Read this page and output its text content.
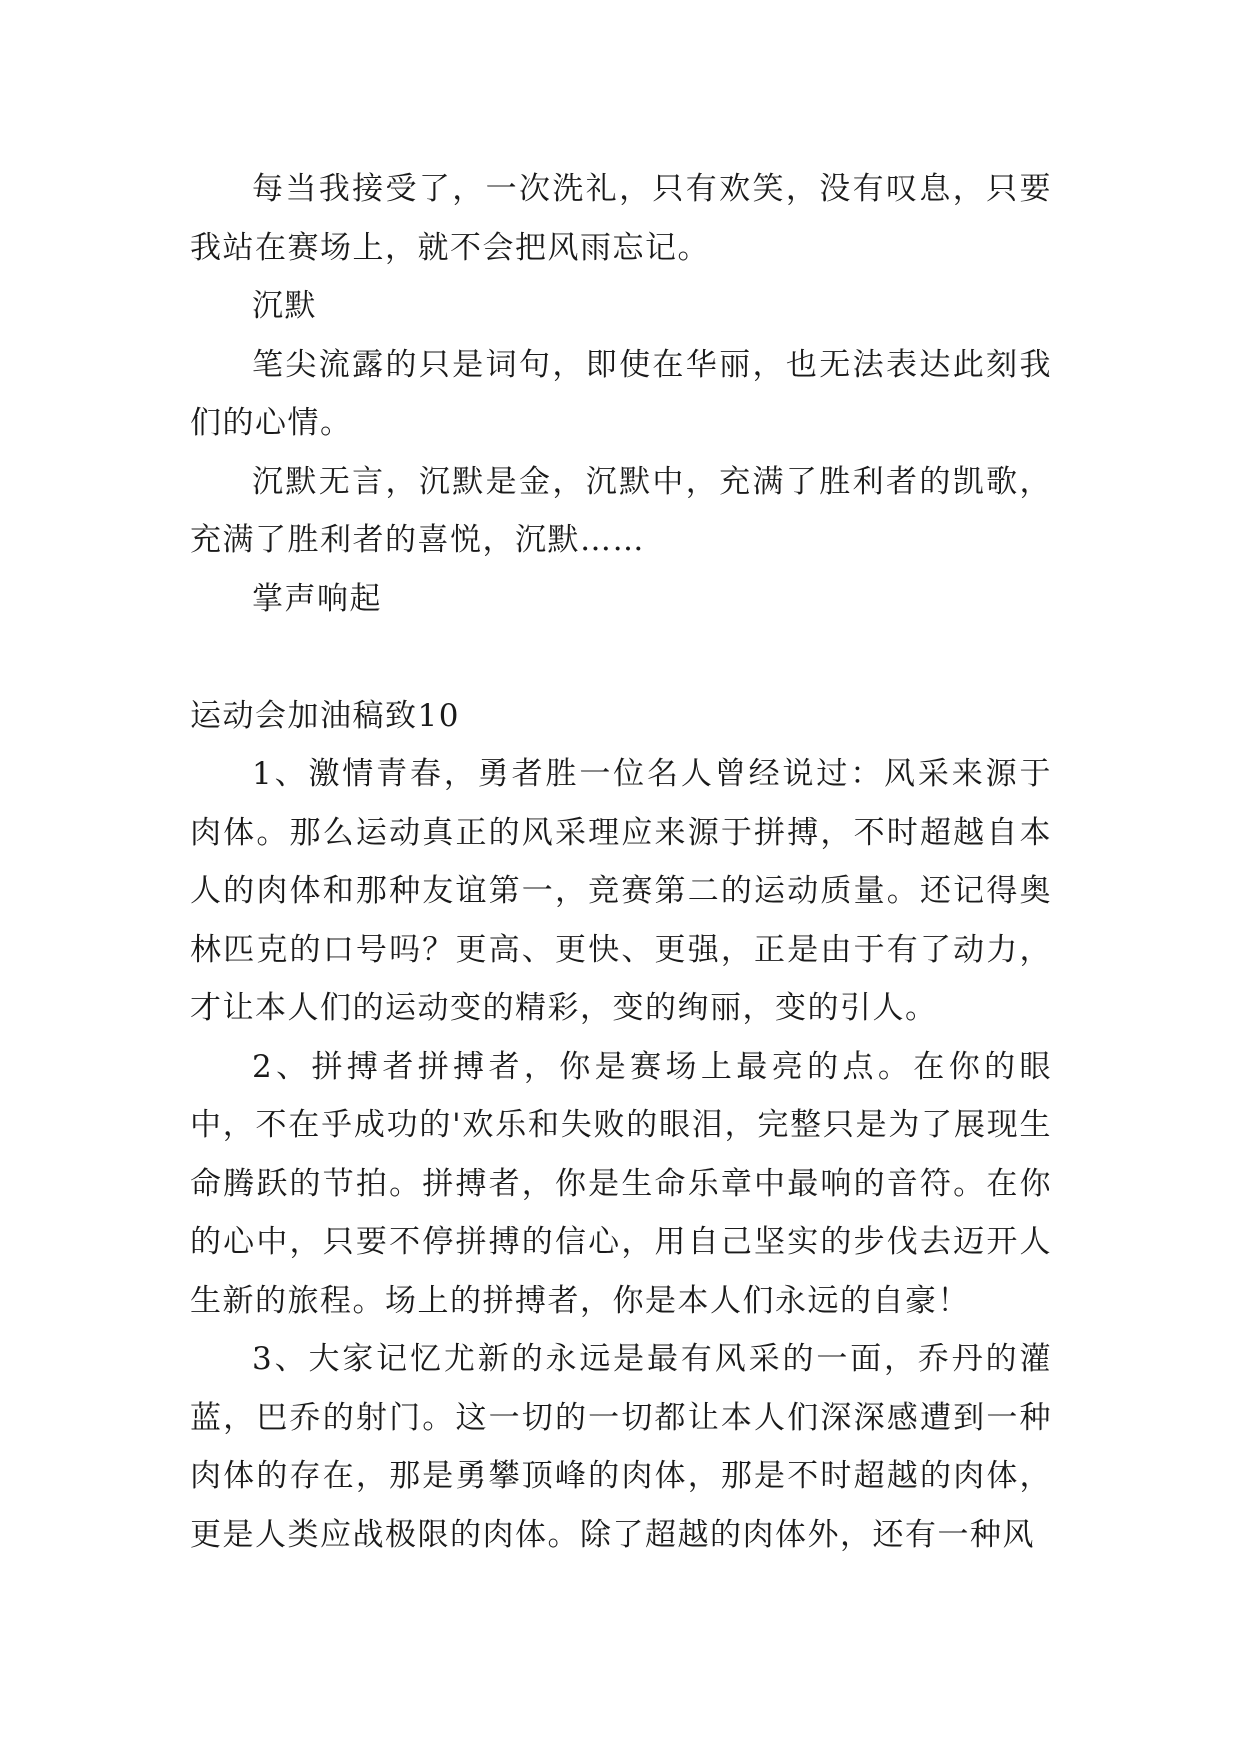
每当我接受了，一次洗礼，只有欢笑，没有叹息，只要我站在赛场上，就不会把风雨忘记。

沉默

笔尖流露的只是词句，即使在华丽，也无法表达此刻我们的心情。

沉默无言，沉默是金，沉默中，充满了胜利者的凯歌，充满了胜利者的喜悦，沉默……

掌声响起

运动会加油稿致10

1、激情青春，勇者胜一位名人曾经说过：风采来源于肉体。那么运动真正的风采理应来源于拼搏，不时超越自本人的肉体和那种友谊第一，竞赛第二的运动质量。还记得奥林匹克的口号吗？更高、更快、更强，正是由于有了动力，才让本人们的运动变的精彩，变的绚丽，变的引人。

2、拼搏者拼搏者，你是赛场上最亮的点。在你的眼中，不在乎成功的'欢乐和失败的眼泪，完整只是为了展现生命腾跃的节拍。拼搏者，你是生命乐章中最响的音符。在你的心中，只要不停拼搏的信心，用自己坚实的步伐去迈开人生新的旅程。场上的拼搏者，你是本人们永远的自豪！

3、大家记忆尤新的永远是最有风采的一面，乔丹的灌蓝，巴乔的射门。这一切的一切都让本人们深深感遭到一种肉体的存在，那是勇攀顶峰的肉体，那是不时超越的肉体，更是人类应战极限的肉体。除了超越的肉体外，还有一种风
